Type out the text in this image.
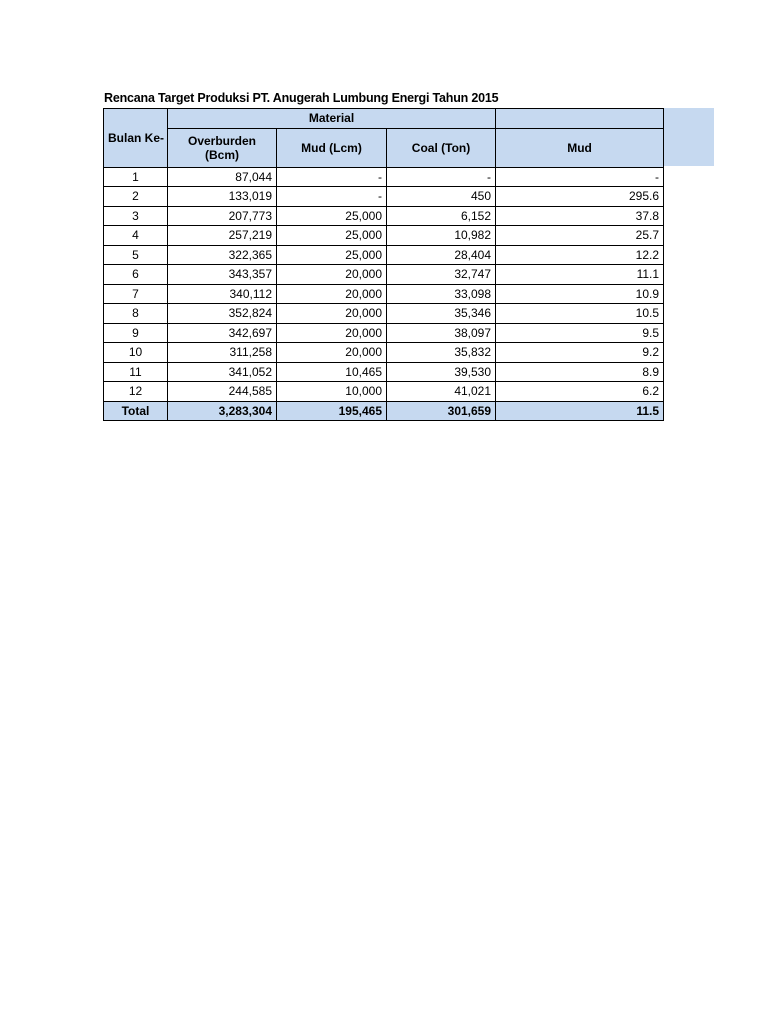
Rencana Target Produksi PT. Anugerah Lumbung Energi Tahun 2015
Bulan Ke-	Material			
	Overburden (Bcm)	Mud (Lcm)	Coal (Ton)	Mud
1	87,044	-	-	-
2	133,019	-	450	295.6
3	207,773	25,000	6,152	37.8
4	257,219	25,000	10,982	25.7
5	322,365	25,000	28,404	12.2
6	343,357	20,000	32,747	11.1
7	340,112	20,000	33,098	10.9
8	352,824	20,000	35,346	10.5
9	342,697	20,000	38,097	9.5
10	311,258	20,000	35,832	9.2
11	341,052	10,465	39,530	8.9
12	244,585	10,000	41,021	6.2
Total	3,283,304	195,465	301,659	11.5
